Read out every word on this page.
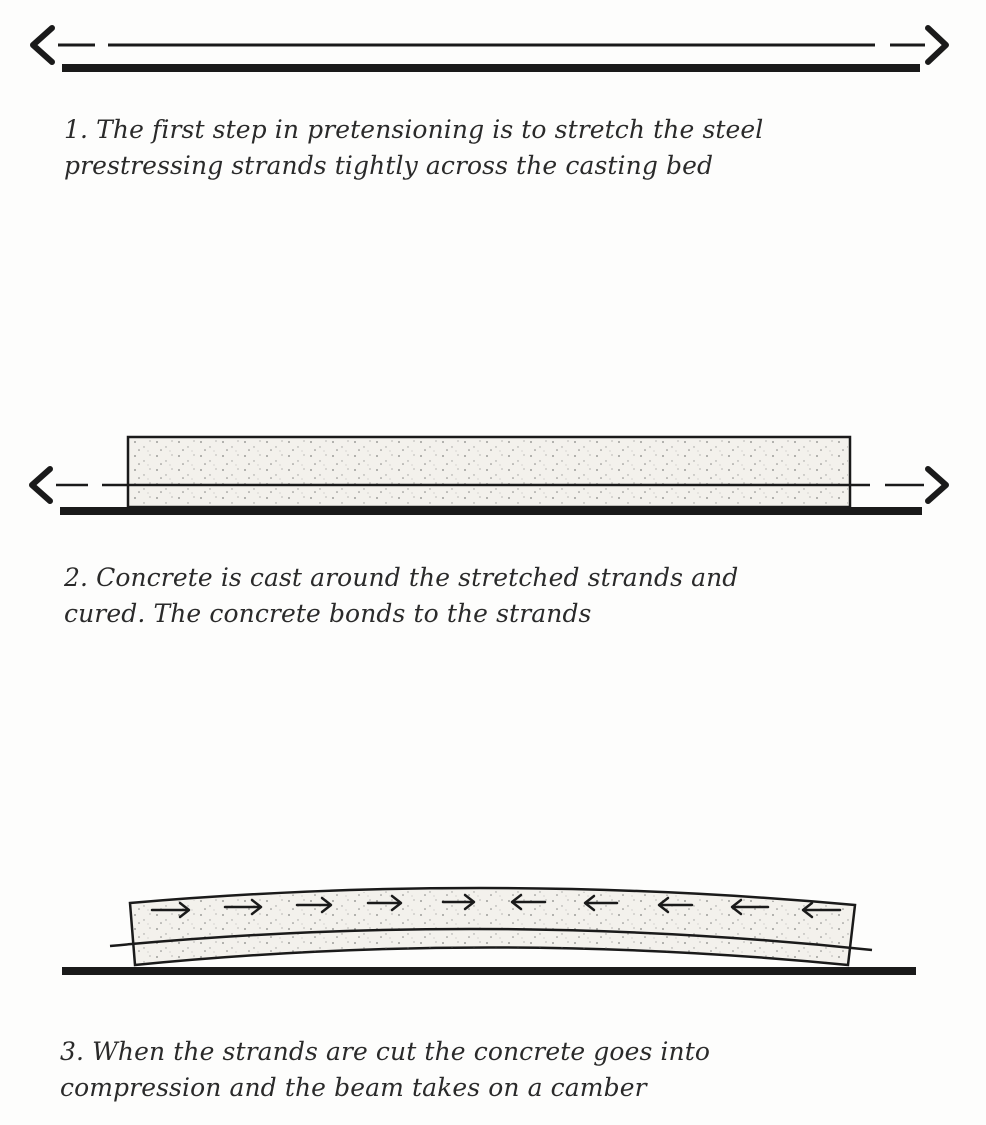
1. The first step in pretensioning is to stretch the steel
prestressing strands tightly across the casting bed
2. Concrete is cast around the stretched strands and
cured. The concrete bonds to the strands
3. When the strands are cut the concrete goes into
compression and the beam takes on a camber
